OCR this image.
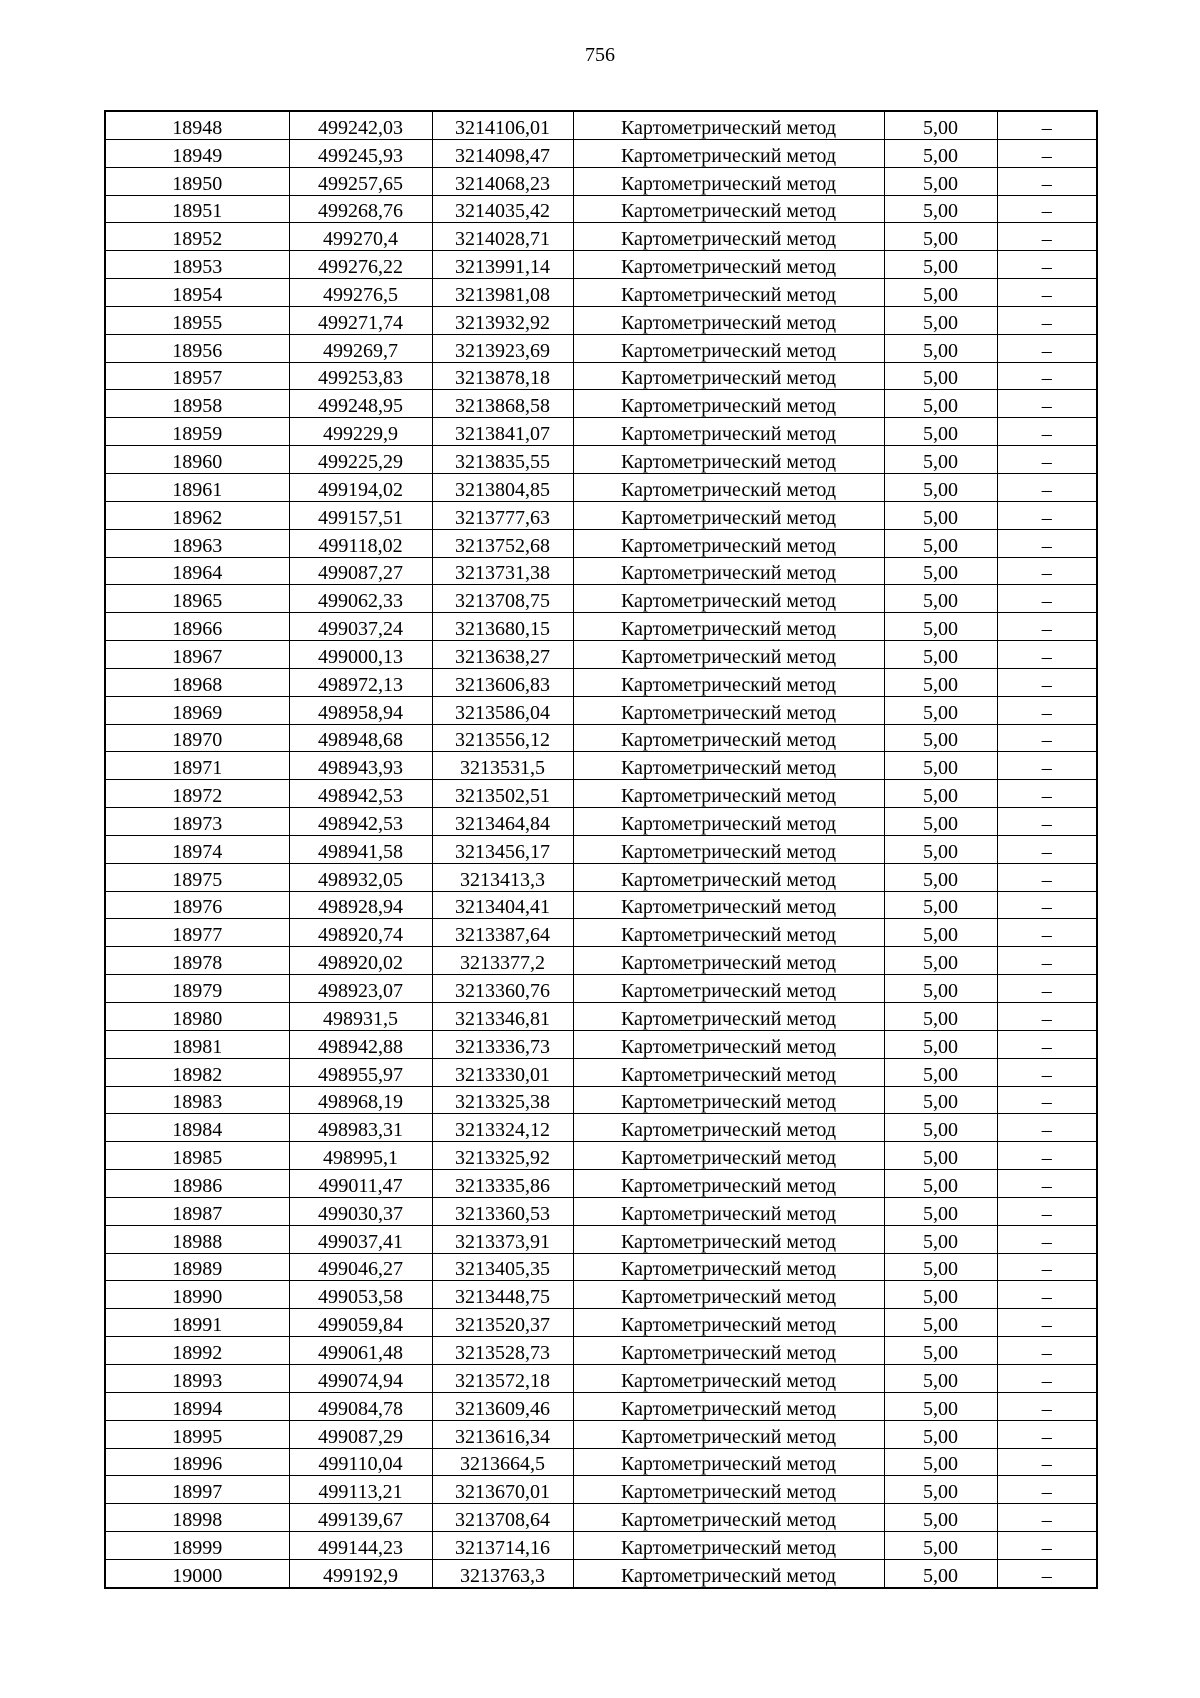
756
18948	499242,03	3214106,01	Картометрический метод	5,00	–
18949	499245,93	3214098,47	Картометрический метод	5,00	–
18950	499257,65	3214068,23	Картометрический метод	5,00	–
18951	499268,76	3214035,42	Картометрический метод	5,00	–
18952	499270,4	3214028,71	Картометрический метод	5,00	–
18953	499276,22	3213991,14	Картометрический метод	5,00	–
18954	499276,5	3213981,08	Картометрический метод	5,00	–
18955	499271,74	3213932,92	Картометрический метод	5,00	–
18956	499269,7	3213923,69	Картометрический метод	5,00	–
18957	499253,83	3213878,18	Картометрический метод	5,00	–
18958	499248,95	3213868,58	Картометрический метод	5,00	–
18959	499229,9	3213841,07	Картометрический метод	5,00	–
18960	499225,29	3213835,55	Картометрический метод	5,00	–
18961	499194,02	3213804,85	Картометрический метод	5,00	–
18962	499157,51	3213777,63	Картометрический метод	5,00	–
18963	499118,02	3213752,68	Картометрический метод	5,00	–
18964	499087,27	3213731,38	Картометрический метод	5,00	–
18965	499062,33	3213708,75	Картометрический метод	5,00	–
18966	499037,24	3213680,15	Картометрический метод	5,00	–
18967	499000,13	3213638,27	Картометрический метод	5,00	–
18968	498972,13	3213606,83	Картометрический метод	5,00	–
18969	498958,94	3213586,04	Картометрический метод	5,00	–
18970	498948,68	3213556,12	Картометрический метод	5,00	–
18971	498943,93	3213531,5	Картометрический метод	5,00	–
18972	498942,53	3213502,51	Картометрический метод	5,00	–
18973	498942,53	3213464,84	Картометрический метод	5,00	–
18974	498941,58	3213456,17	Картометрический метод	5,00	–
18975	498932,05	3213413,3	Картометрический метод	5,00	–
18976	498928,94	3213404,41	Картометрический метод	5,00	–
18977	498920,74	3213387,64	Картометрический метод	5,00	–
18978	498920,02	3213377,2	Картометрический метод	5,00	–
18979	498923,07	3213360,76	Картометрический метод	5,00	–
18980	498931,5	3213346,81	Картометрический метод	5,00	–
18981	498942,88	3213336,73	Картометрический метод	5,00	–
18982	498955,97	3213330,01	Картометрический метод	5,00	–
18983	498968,19	3213325,38	Картометрический метод	5,00	–
18984	498983,31	3213324,12	Картометрический метод	5,00	–
18985	498995,1	3213325,92	Картометрический метод	5,00	–
18986	499011,47	3213335,86	Картометрический метод	5,00	–
18987	499030,37	3213360,53	Картометрический метод	5,00	–
18988	499037,41	3213373,91	Картометрический метод	5,00	–
18989	499046,27	3213405,35	Картометрический метод	5,00	–
18990	499053,58	3213448,75	Картометрический метод	5,00	–
18991	499059,84	3213520,37	Картометрический метод	5,00	–
18992	499061,48	3213528,73	Картометрический метод	5,00	–
18993	499074,94	3213572,18	Картометрический метод	5,00	–
18994	499084,78	3213609,46	Картометрический метод	5,00	–
18995	499087,29	3213616,34	Картометрический метод	5,00	–
18996	499110,04	3213664,5	Картометрический метод	5,00	–
18997	499113,21	3213670,01	Картометрический метод	5,00	–
18998	499139,67	3213708,64	Картометрический метод	5,00	–
18999	499144,23	3213714,16	Картометрический метод	5,00	–
19000	499192,9	3213763,3	Картометрический метод	5,00	–
